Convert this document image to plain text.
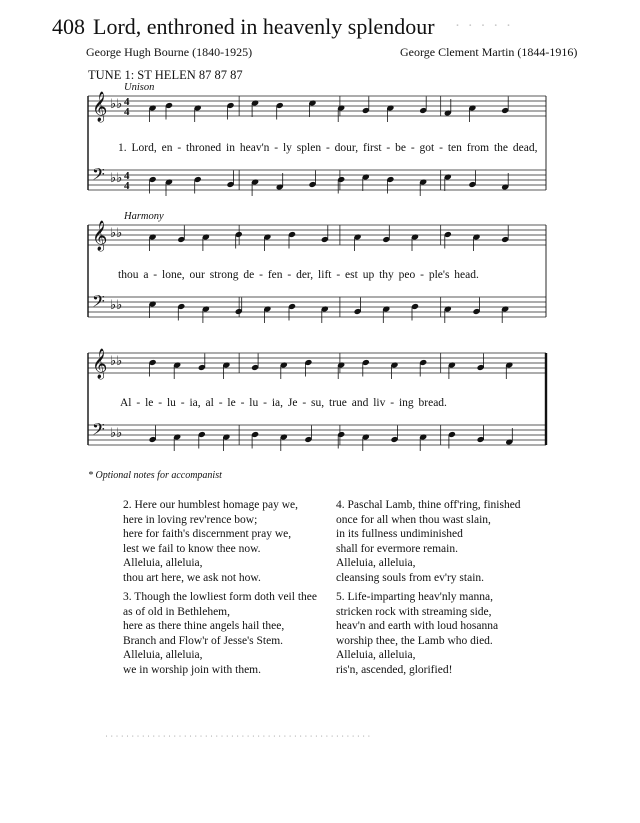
408 Lord, enthroned in heavenly splendour · · · · ·
George Hugh Bourne (1840-1925)	George Clement Martin (1844-1916)
TUNE 1: ST HELEN 87 87 87
Unison
Harmony
𝄞 ♭♭
𝄢 ♭♭
𝄞 ♭♭
𝄢 ♭♭
𝄞 ♭♭
𝄢 ♭♭
4
4
4
4
1. Lord, en - throned in heav'n - ly splen - dour, first - be - got - ten from the dead,
thou a - lone, our strong de - fen - der, lift - est up thy peo - ple's head.
Al - le - lu - ia, al - le - lu - ia, Je - su, true and liv - ing bread.
* Optional notes for accompanist
2. Here our humblest homage pay we,
here in loving rev'rence bow;
here for faith's discernment pray we,
lest we fail to know thee now.
Alleluia, alleluia,
thou art here, we ask not how.
3. Though the lowliest form doth veil thee
as of old in Bethlehem,
here as there thine angels hail thee,
Branch and Flow'r of Jesse's Stem.
Alleluia, alleluia,
we in worship join with them.
4. Paschal Lamb, thine off'ring, finished
once for all when thou wast slain,
in its fullness undiminished
shall for evermore remain.
Alleluia, alleluia,
cleansing souls from ev'ry stain.
5. Life-imparting heav'nly manna,
stricken rock with streaming side,
heav'n and earth with loud hosanna
worship thee, the Lamb who died.
Alleluia, alleluia,
ris'n, ascended, glorified!
· · · · · · · · · · · · · · · · · · · · · · · · · · · · · · · · · · · · · · · · · · · · · · · · · · ·
